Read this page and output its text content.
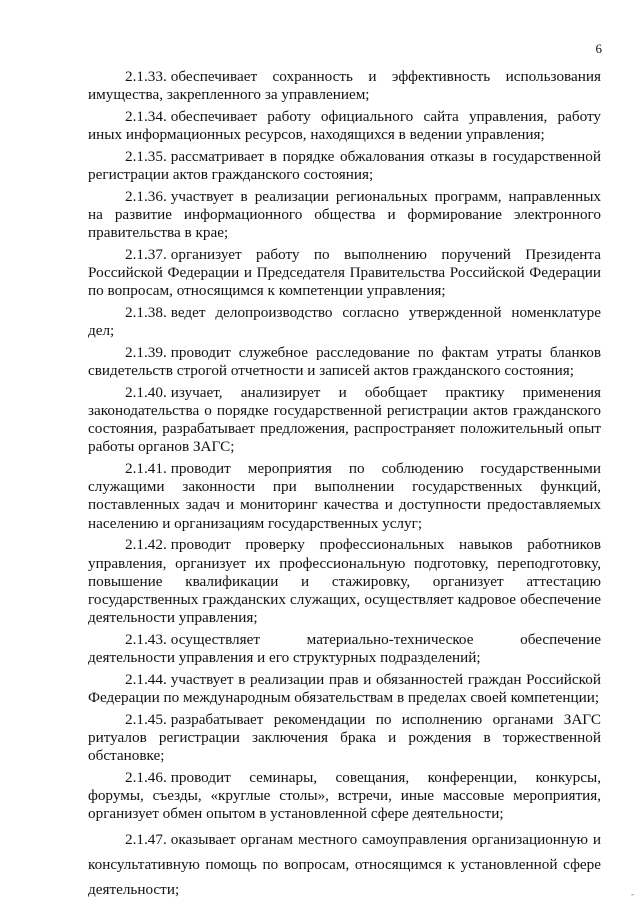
6

2.1.33. обеспечивает сохранность и эффективность использования имущества, закрепленного за управлением;

2.1.34. обеспечивает работу официального сайта управления, работу иных информационных ресурсов, находящихся в ведении управления;

2.1.35. рассматривает в порядке обжалования отказы в государственной регистрации актов гражданского состояния;

2.1.36. участвует в реализации региональных программ, направленных на развитие информационного общества и формирование электронного правительства в крае;

2.1.37. организует работу по выполнению поручений Президента Российской Федерации и Председателя Правительства Российской Федерации по вопросам, относящимся к компетенции управления;

2.1.38. ведет делопроизводство согласно утвержденной номенклатуре дел;

2.1.39. проводит служебное расследование по фактам утраты бланков свидетельств строгой отчетности и записей актов гражданского состояния;

2.1.40. изучает, анализирует и обобщает практику применения законодательства о порядке государственной регистрации актов гражданского состояния, разрабатывает предложения, распространяет положительный опыт работы органов ЗАГС;

2.1.41. проводит мероприятия по соблюдению государственными служащими законности при выполнении государственных функций, поставленных задач и мониторинг качества и доступности предоставляемых населению и организациям государственных услуг;

2.1.42. проводит проверку профессиональных навыков работников управления, организует их профессиональную подготовку, переподготовку, повышение квалификации и стажировку, организует аттестацию государственных гражданских служащих, осуществляет кадровое обеспечение деятельности управления;

2.1.43. осуществляет материально-техническое обеспечение деятельности управления и его структурных подразделений;

2.1.44. участвует в реализации прав и обязанностей граждан Российской Федерации по международным обязательствам в пределах своей компетенции;

2.1.45. разрабатывает рекомендации по исполнению органами ЗАГС ритуалов регистрации заключения брака и рождения в торжественной обстановке;

2.1.46. проводит семинары, совещания, конференции, конкурсы, форумы, съезды, «круглые столы», встречи, иные массовые мероприятия, организует обмен опытом в установленной сфере деятельности;

2.1.47. оказывает органам местного самоуправления организационную и консультативную помощь по вопросам, относящимся к установленной сфере деятельности;	-
